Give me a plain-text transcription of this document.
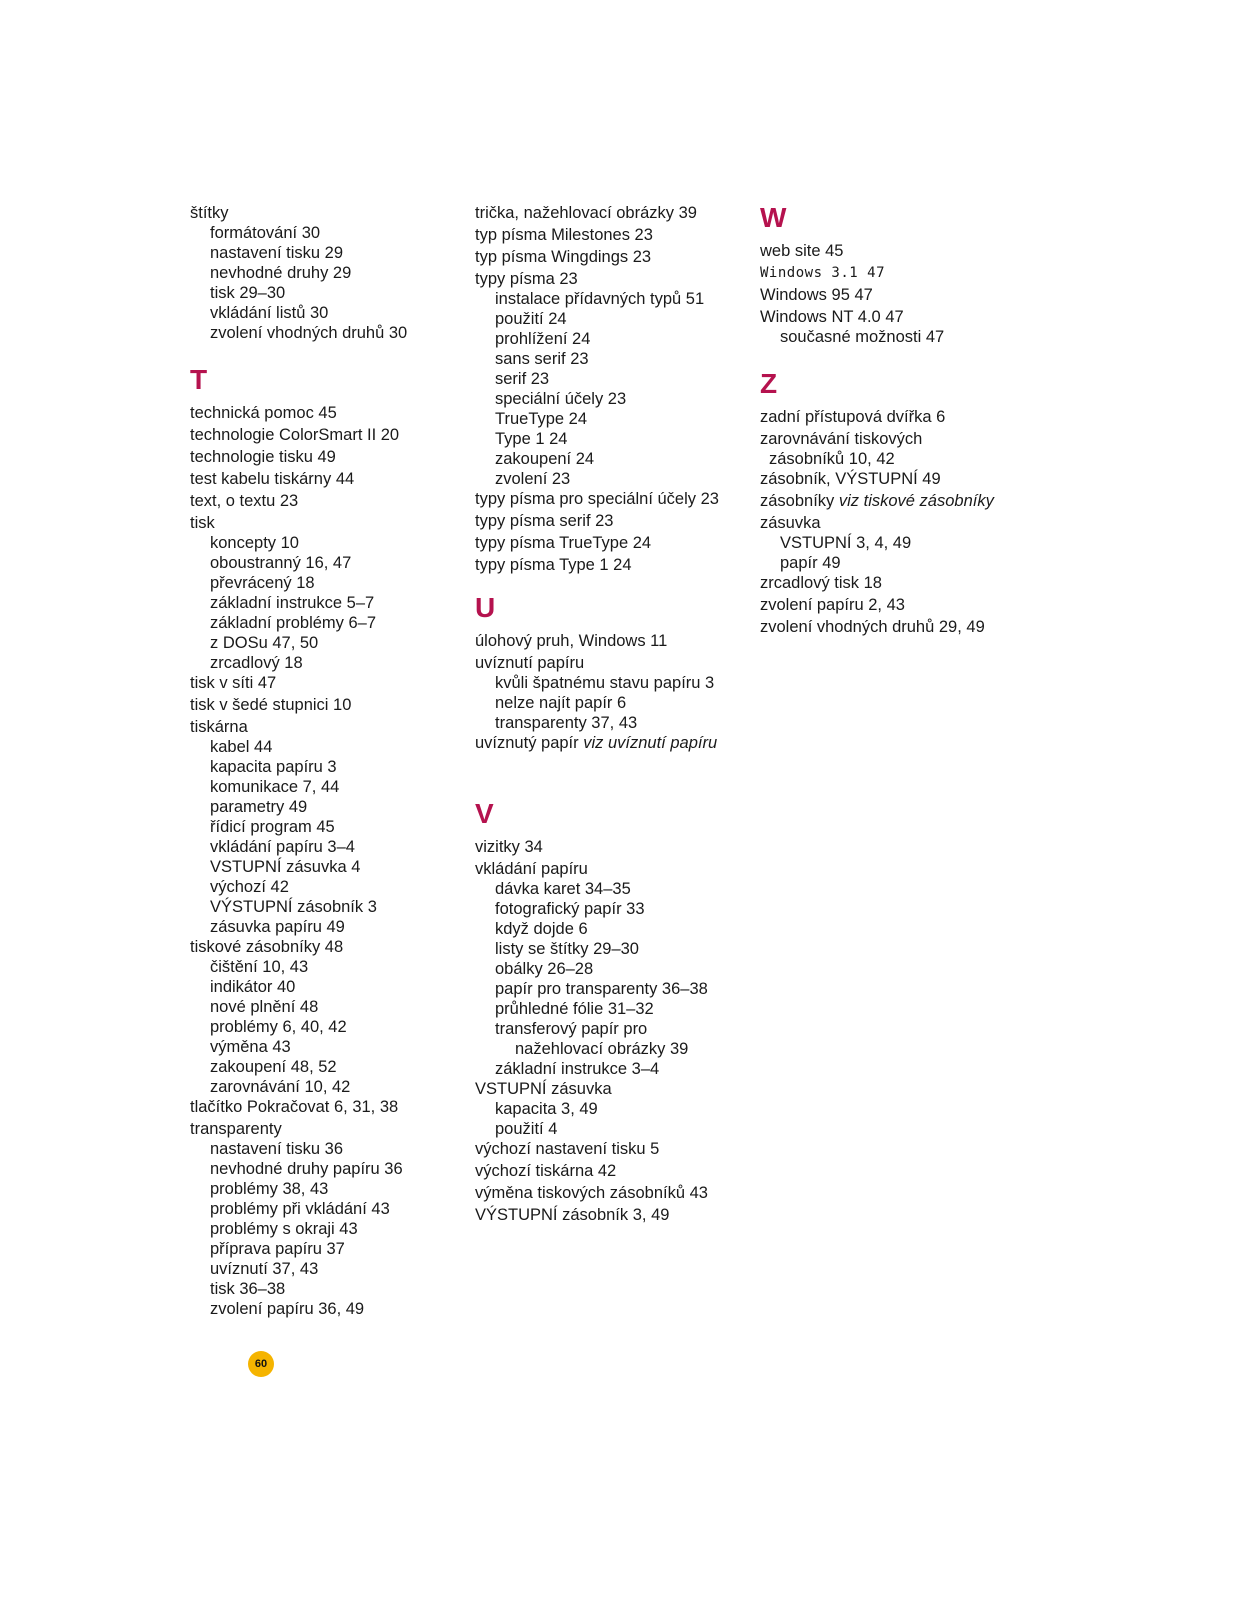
štítky
formátování 30
nastavení tisku 29
nevhodné druhy 29
tisk 29–30
vkládání listů 30
zvolení vhodných druhů 30
T
technická pomoc 45
technologie ColorSmart II 20
technologie tisku 49
test kabelu tiskárny 44
text, o textu 23
tisk
koncepty 10
oboustranný 16, 47
převrácený 18
základní instrukce 5–7
základní problémy 6–7
z DOSu 47, 50
zrcadlový 18
tisk v síti 47
tisk v šedé stupnici 10
tiskárna
kabel 44
kapacita papíru 3
komunikace 7, 44
parametry 49
řídicí program 45
vkládání papíru 3–4
VSTUPNÍ zásuvka 4
výchozí 42
VÝSTUPNÍ zásobník 3
zásuvka papíru 49
tiskové zásobníky 48
čištění 10, 43
indikátor 40
nové plnění 48
problémy 6, 40, 42
výměna 43
zakoupení 48, 52
zarovnávání 10, 42
tlačítko Pokračovat 6, 31, 38
transparenty
nastavení tisku 36
nevhodné druhy papíru 36
problémy 38, 43
problémy při vkládání 43
problémy s okraji 43
příprava papíru 37
uvíznutí 37, 43
tisk 36–38
zvolení papíru 36, 49
trička, nažehlovací obrázky 39
typ písma Milestones 23
typ písma Wingdings 23
typy písma 23
instalace přídavných typů 51
použití 24
prohlížení 24
sans serif 23
serif 23
speciální účely 23
TrueType 24
Type 1 24
zakoupení 24
zvolení 23
typy písma pro speciální účely 23
typy písma serif 23
typy písma TrueType 24
typy písma Type 1 24
U
úlohový pruh, Windows 11
uvíznutí papíru
kvůli špatnému stavu papíru 3
nelze najít papír 6
transparenty 37, 43
uvíznutý papír viz uvíznutí papíru
V
vizitky 34
vkládání papíru
dávka karet 34–35
fotografický papír 33
když dojde 6
listy se štítky 29–30
obálky 26–28
papír pro transparenty 36–38
průhledné fólie 31–32
transferový papír pro
nažehlovací obrázky 39
základní instrukce 3–4
VSTUPNÍ zásuvka
kapacita 3, 49
použití 4
výchozí nastavení tisku 5
výchozí tiskárna 42
výměna tiskových zásobníků 43
VÝSTUPNÍ zásobník 3, 49
W
web site 45
Windows 3.1 47
Windows 95 47
Windows NT 4.0 47
současné možnosti 47
Z
zadní přístupová dvířka 6
zarovnávání tiskových
zásobníků 10, 42
zásobník, VÝSTUPNÍ 49
zásobníky viz tiskové zásobníky
zásuvka
VSTUPNÍ 3, 4, 49
papír 49
zrcadlový tisk 18
zvolení papíru 2, 43
zvolení vhodných druhů 29, 49
60
